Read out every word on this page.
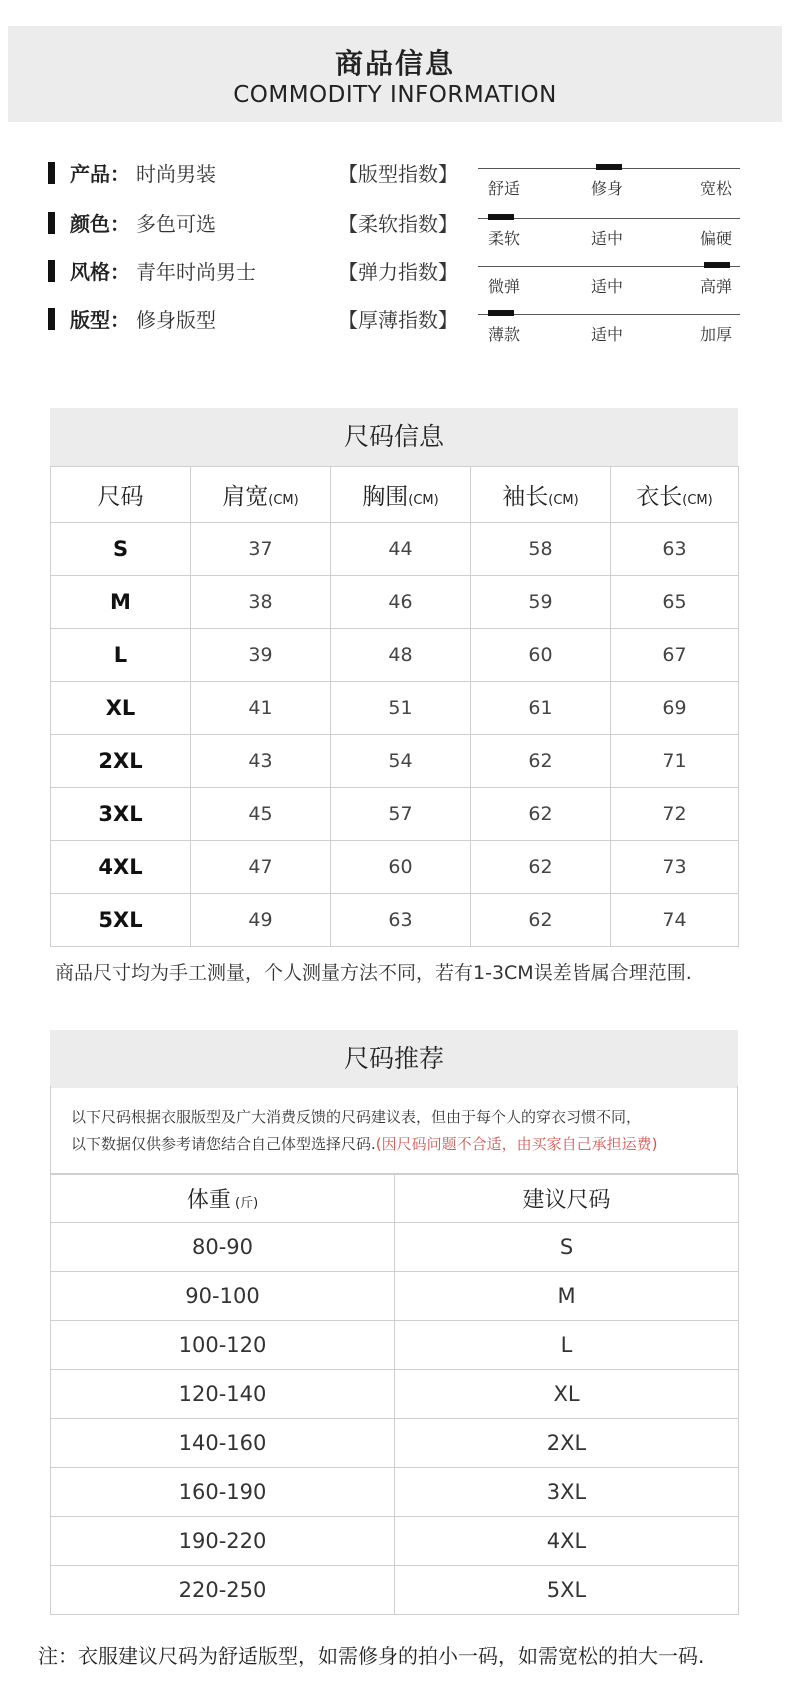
商品信息
COMMODITY INFORMATION
产品： 时尚男装	【版型指数】
舒适	修身	宽松
颜色： 多色可选	【柔软指数】
柔软	适中	偏硬
风格： 青年时尚男士	【弹力指数】
微弹	适中	高弹
版型： 修身版型	【厚薄指数】
薄款	适中	加厚
尺码信息
尺码	肩宽(CM)	胸围(CM)	袖长(CM)	衣长(CM)
S	37	44	58	63
M	38	46	59	65
L	39	48	60	67
XL	41	51	61	69
2XL	43	54	62	71
3XL	45	57	62	72
4XL	47	60	62	73
5XL	49	63	62	74
商品尺寸均为手工测量，个人测量方法不同，若有1-3CM误差皆属合理范围.
尺码推荐
以下尺码根据衣服版型及广大消费反馈的尺码建议表，但由于每个人的穿衣习惯不同，
以下数据仅供参考请您结合自己体型选择尺码.(因尺码问题不合适，由买家自己承担运费)
体重 (斤)	建议尺码
80-90	S
90-100	M
100-120	L
120-140	XL
140-160	2XL
160-190	3XL
190-220	4XL
220-250	5XL
注：衣服建议尺码为舒适版型，如需修身的拍小一码，如需宽松的拍大一码.
